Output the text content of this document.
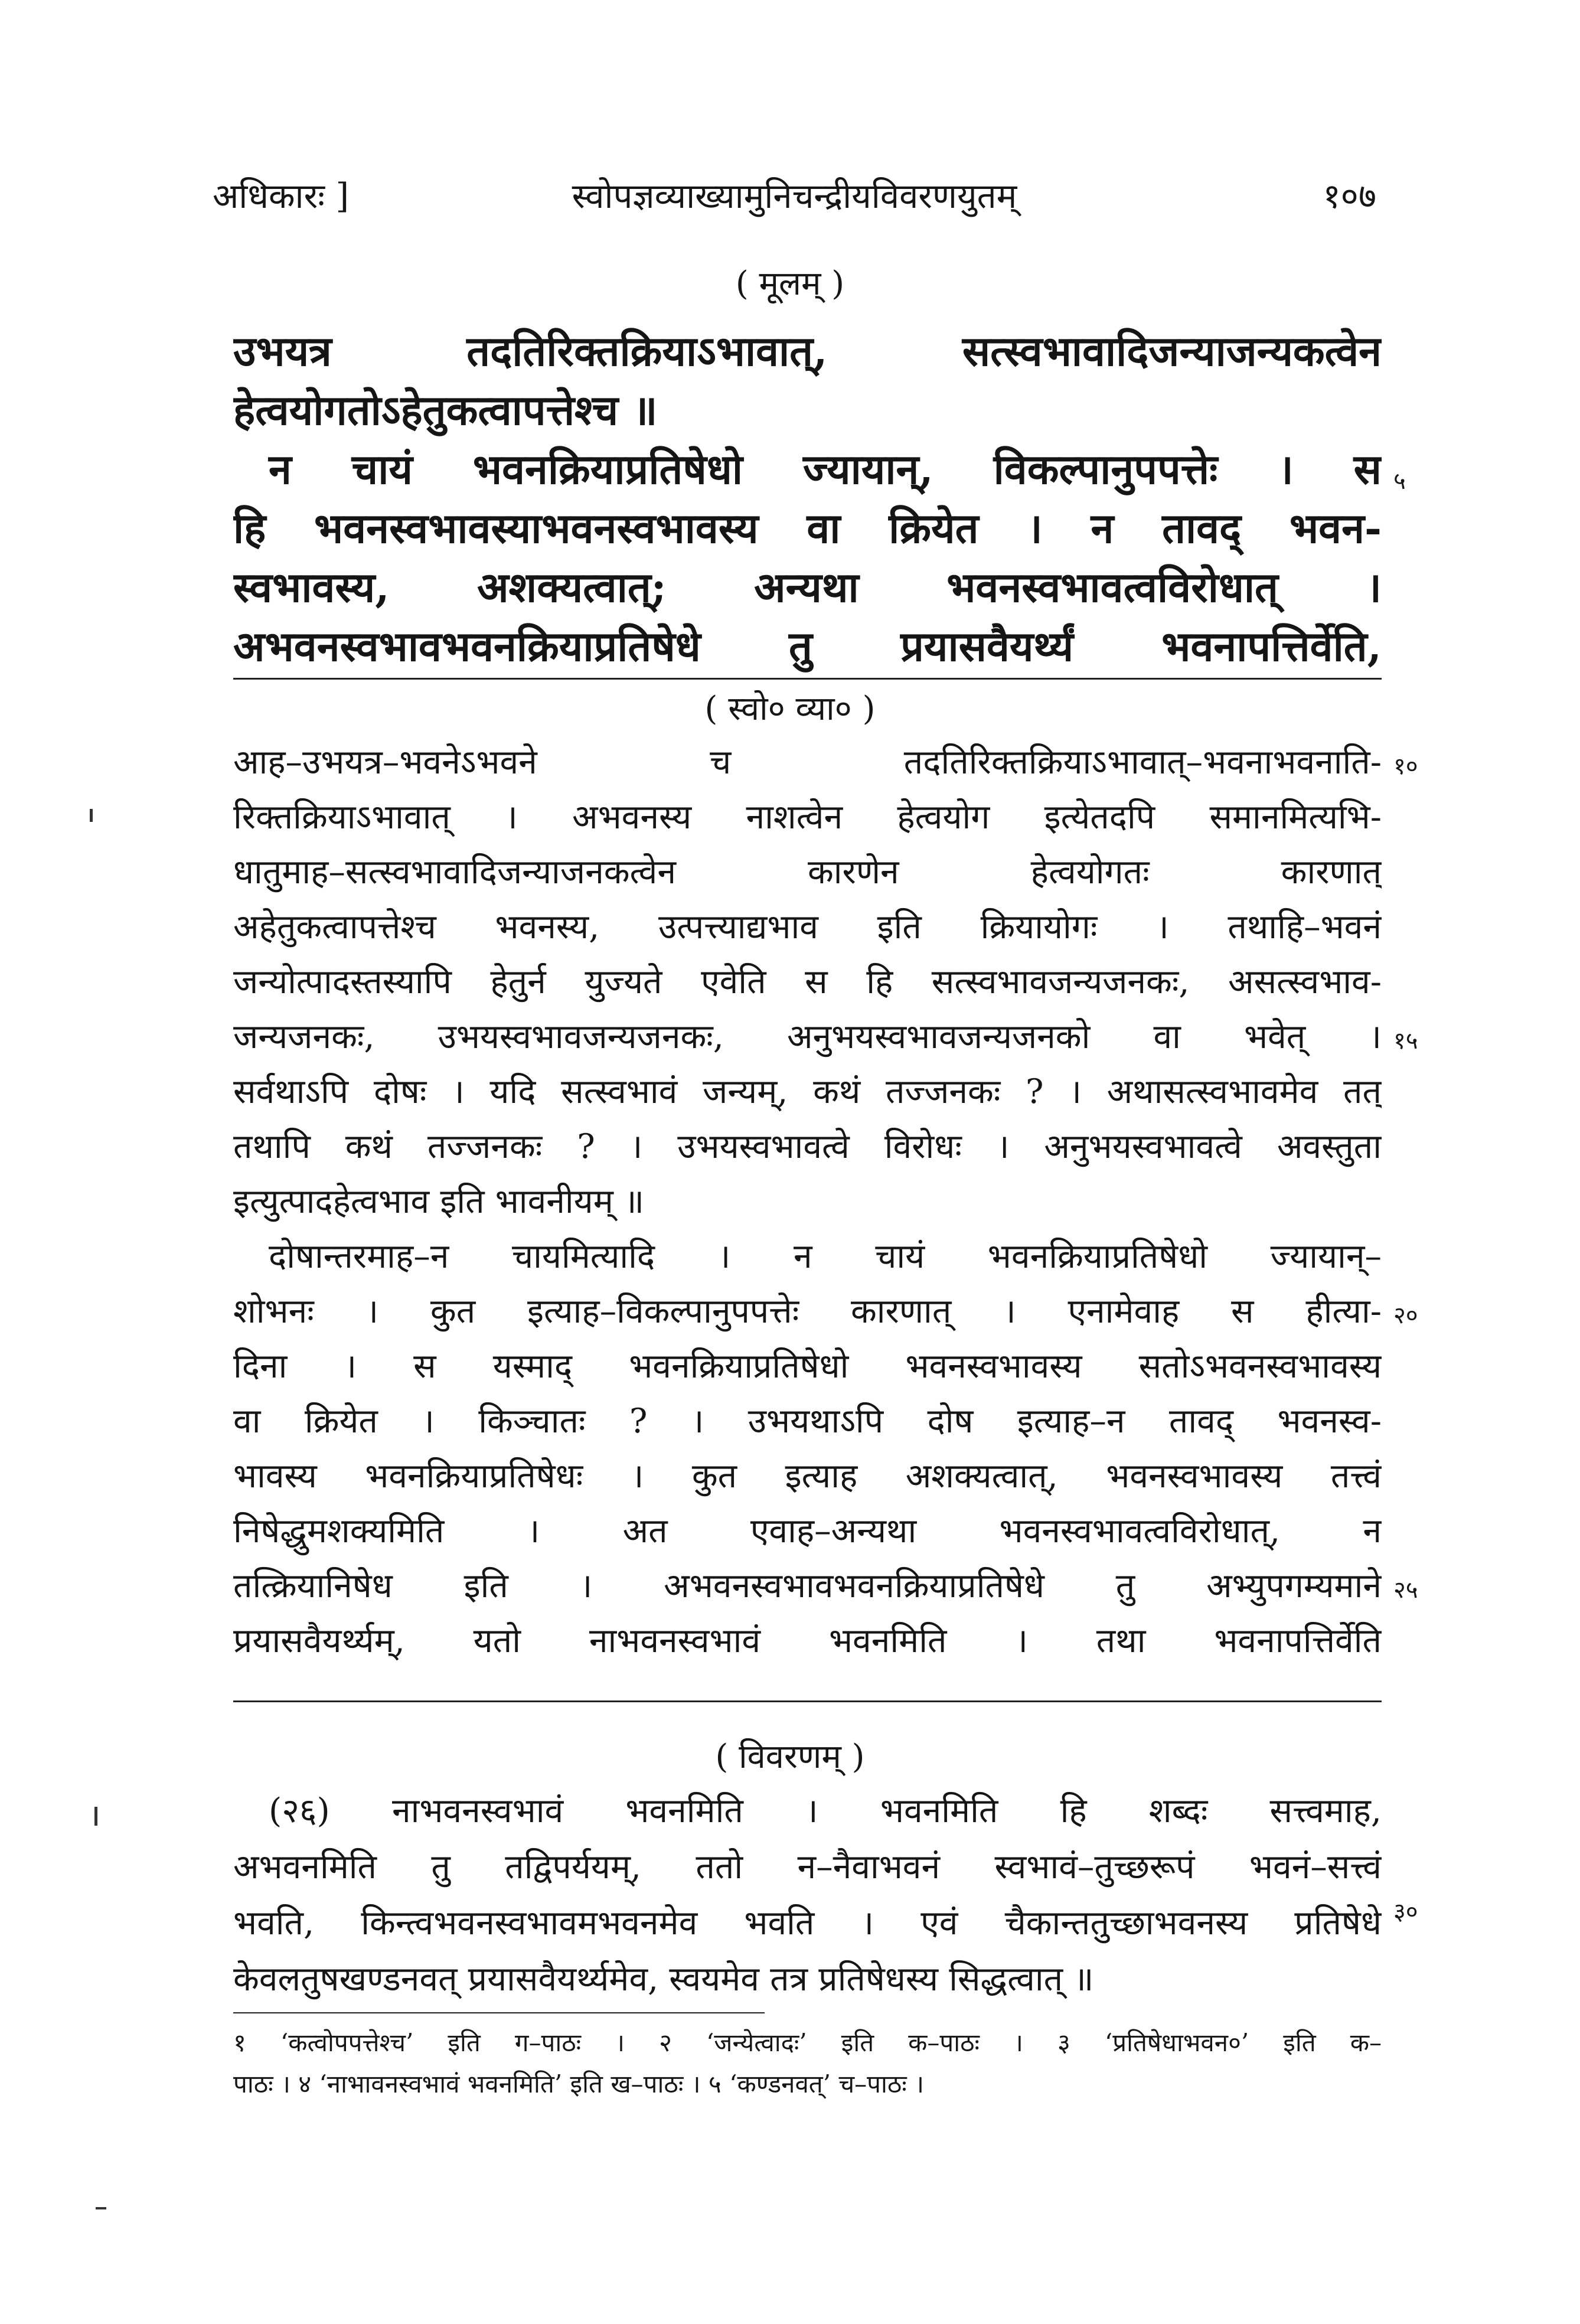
अधिकारः ]	स्वोपज्ञव्याख्यामुनिचन्द्रीयविवरणयुतम्	१०७
( मूलम् )
उभयत्र तदतिरिक्तक्रियाऽभावात्, सत्स्वभावादिजन्याजन्यकत्वेन
हेत्वयोगतोऽहेतुकत्वापत्तेश्च ॥
न चायं भवनक्रियाप्रतिषेधो ज्यायान्, विकल्पानुपपत्तेः । स
हि भवनस्वभावस्याभवनस्वभावस्य वा क्रियेत । न तावद् भवन-
स्वभावस्य, अशक्यत्वात्; अन्यथा भवनस्वभावत्वविरोधात् ।
अभवनस्वभावभवनक्रियाप्रतिषेधे तु प्रयासवैयर्थ्यं भवनापत्तिर्वेति,
५
( स्वो० व्या० )
आह–उभयत्र–भवनेऽभवने च तदतिरिक्तक्रियाऽभावात्–भवनाभवनाति-
रिक्तक्रियाऽभावात् । अभवनस्य नाशत्वेन हेत्वयोग इत्येतदपि समानमित्यभि-
धातुमाह–सत्स्वभावादिजन्याजनकत्वेन कारणेन हेत्वयोगतः कारणात्
अहेतुकत्वापत्तेश्च भवनस्य, उत्पत्त्याद्यभाव इति क्रियायोगः । तथाहि–भवनं
जन्योत्पादस्तस्यापि हेतुर्न युज्यते एवेति स हि सत्स्वभावजन्यजनकः, असत्स्वभाव-
जन्यजनकः, उभयस्वभावजन्यजनकः, अनुभयस्वभावजन्यजनको वा भवेत् ।
सर्वथाऽपि दोषः । यदि सत्स्वभावं जन्यम्, कथं तज्जनकः ? । अथासत्स्वभावमेव तत्
तथापि कथं तज्जनकः ? । उभयस्वभावत्वे विरोधः । अनुभयस्वभावत्वे अवस्तुता
इत्युत्पादहेत्वभाव इति भावनीयम् ॥
दोषान्तरमाह–न चायमित्यादि । न चायं भवनक्रियाप्रतिषेधो ज्यायान्–
शोभनः । कुत इत्याह–विकल्पानुपपत्तेः कारणात् । एनामेवाह स हीत्या-
दिना । स यस्माद् भवनक्रियाप्रतिषेधो भवनस्वभावस्य सतोऽभवनस्वभावस्य
वा क्रियेत । किञ्चातः ? । उभयथाऽपि दोष इत्याह–न तावद् भवनस्व-
भावस्य भवनक्रियाप्रतिषेधः । कुत इत्याह अशक्यत्वात्, भवनस्वभावस्य तत्त्वं
निषेद्धुमशक्यमिति । अत एवाह–अन्यथा भवनस्वभावत्वविरोधात्, न
तत्क्रियानिषेध इति । अभवनस्वभावभवनक्रियाप्रतिषेधे तु अभ्युपगम्यमाने
प्रयासवैयर्थ्यम्, यतो नाभवनस्वभावं भवनमिति । तथा भवनापत्तिर्वेति
१०
१५
२०
२५
( विवरणम् )
(२६) नाभवनस्वभावं भवनमिति । भवनमिति हि शब्दः सत्त्वमाह,
अभवनमिति तु तद्विपर्ययम्, ततो न–नैवाभवनं स्वभावं–तुच्छरूपं भवनं–सत्त्वं
भवति, किन्त्वभवनस्वभावमभवनमेव भवति । एवं चैकान्ततुच्छाभवनस्य प्रतिषेधे
केवलतुषखण्डनवत् प्रयासवैयर्थ्यमेव, स्वयमेव तत्र प्रतिषेधस्य सिद्धत्वात् ॥
३०
१ ‘कत्वोपपत्तेश्च’ इति ग–पाठः । २ ‘जन्येत्वादः’ इति क–पाठः । ३ ‘प्रतिषेधाभवन०’ इति क–
पाठः । ४ ‘नाभावनस्वभावं भवनमिति’ इति ख–पाठः । ५ ‘कण्डनवत्’ च–पाठः ।
